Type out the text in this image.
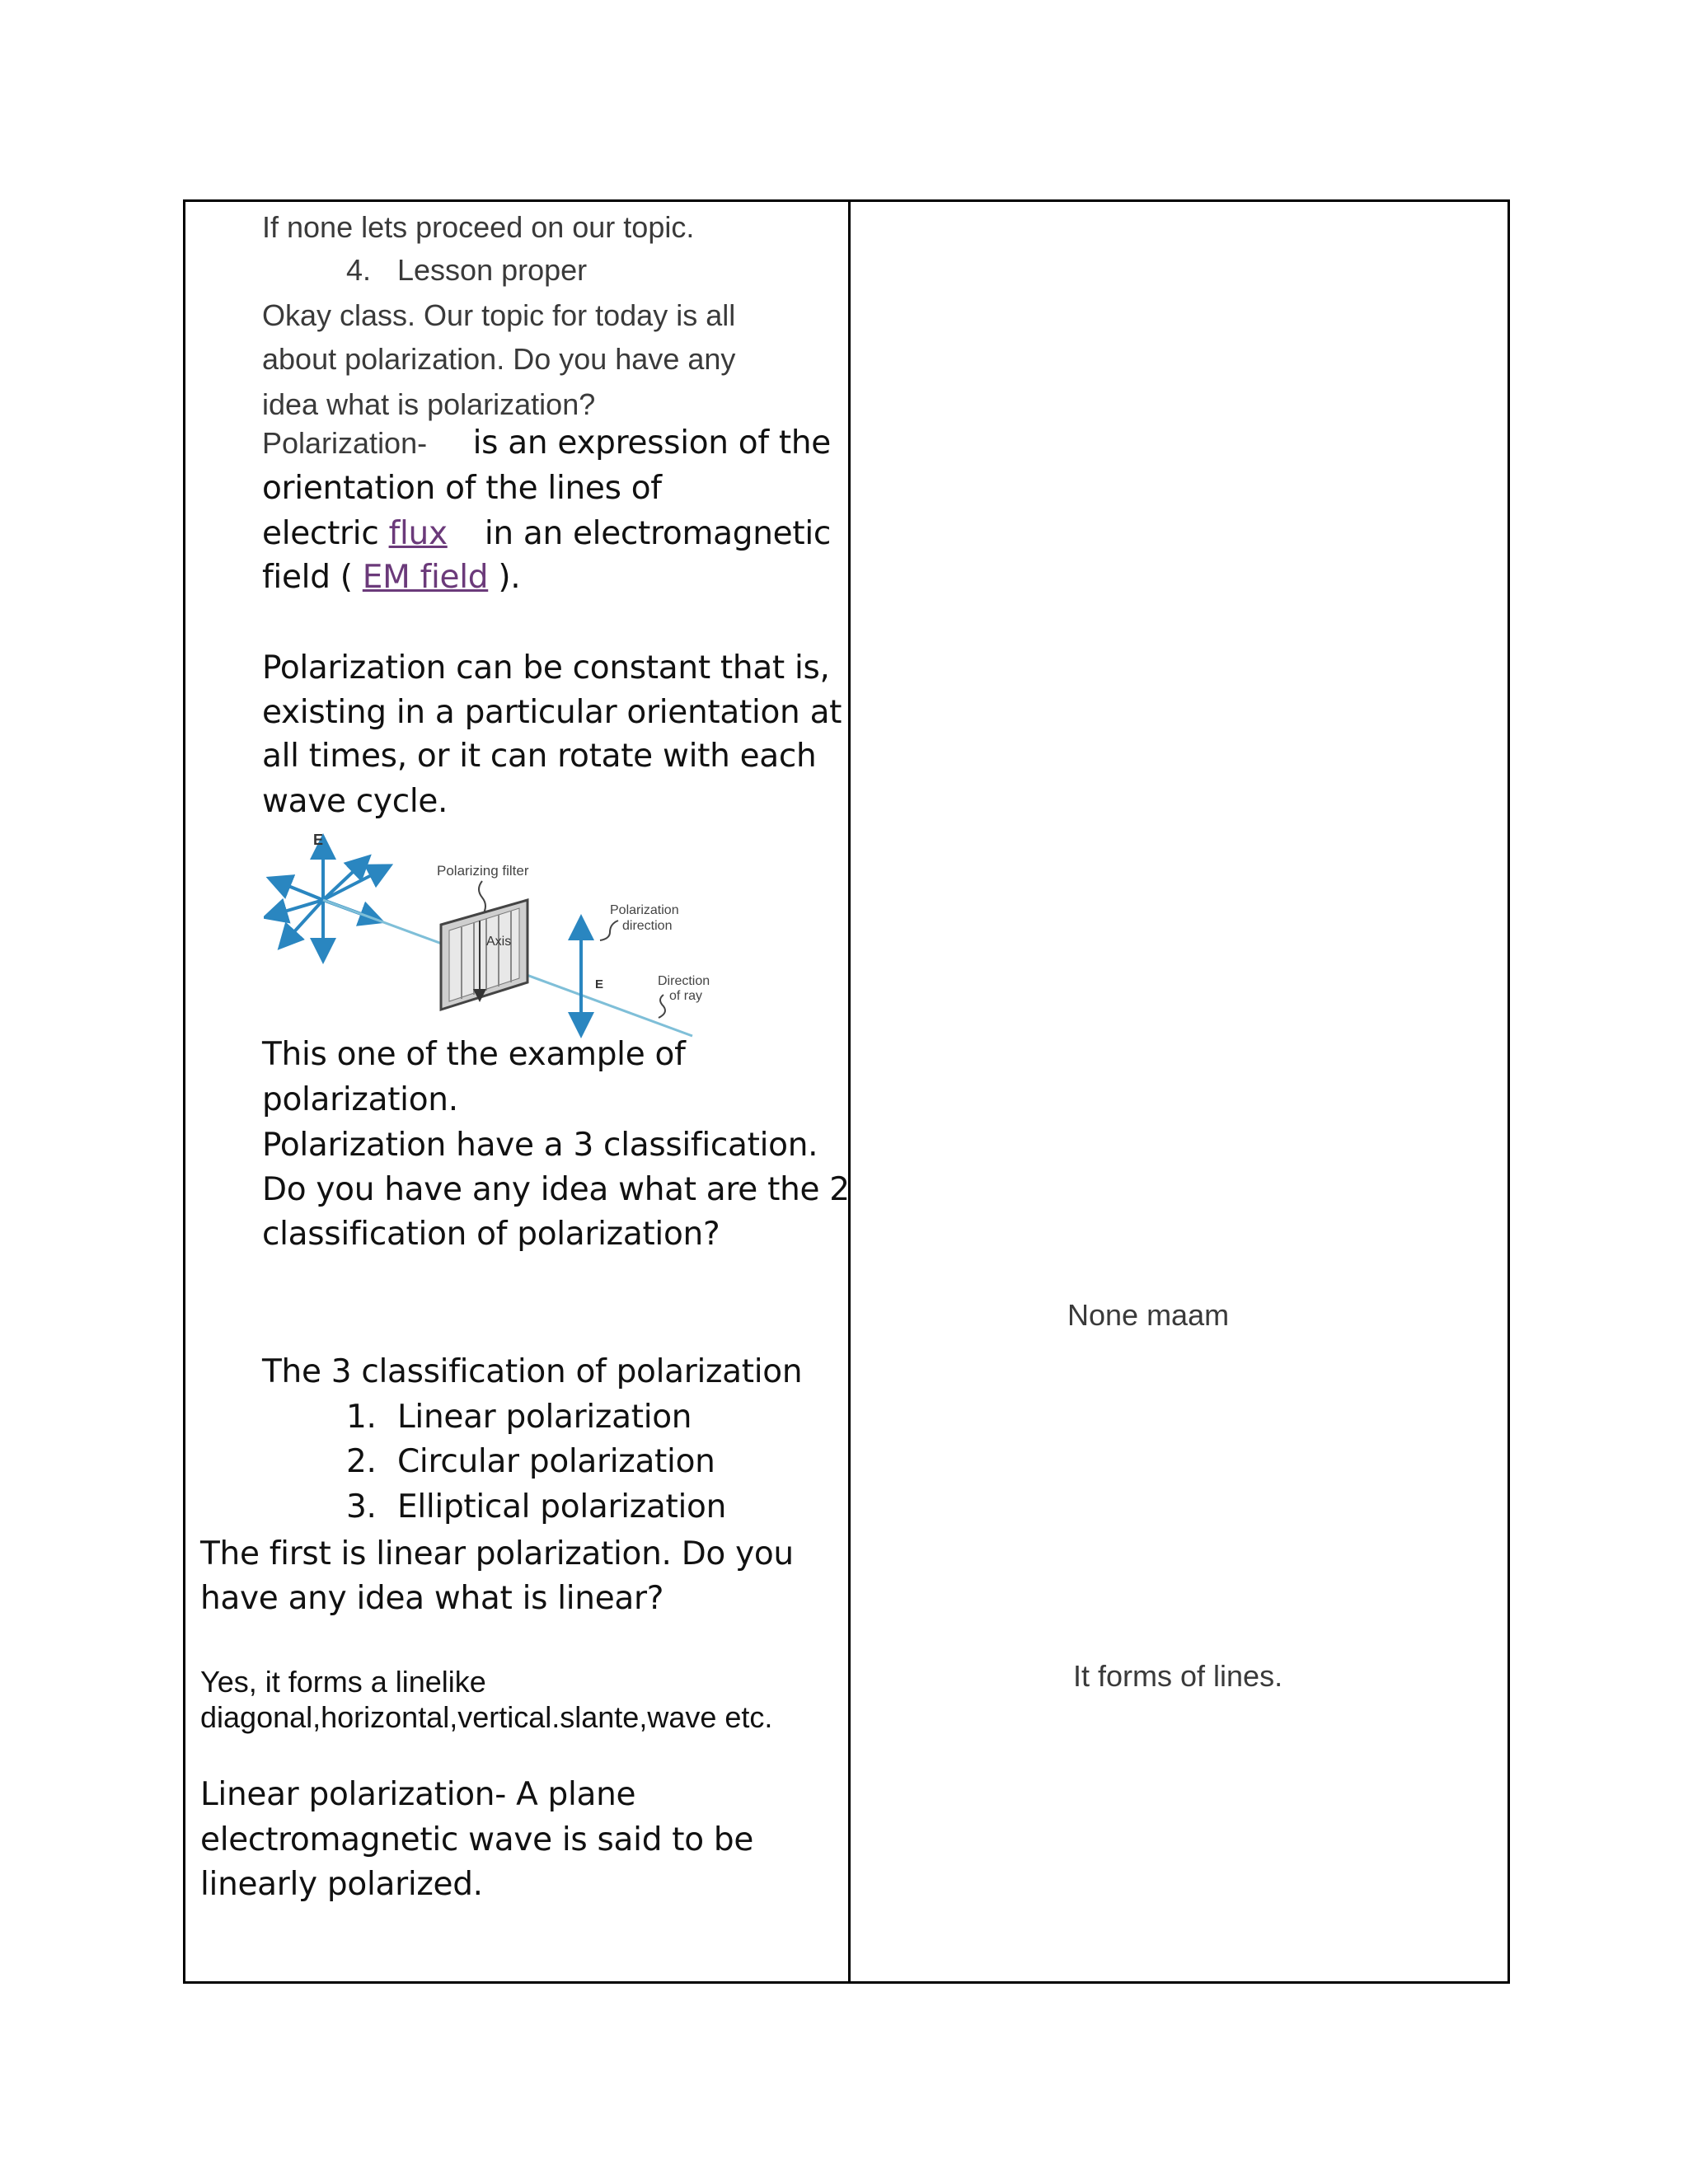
If none lets proceed on our topic.
4. Lesson proper
Okay class. Our topic for today is all
about polarization. Do you have any
idea what is polarization?
Polarization- is an expression of the
orientation of the lines of
electric flux in an electromagnetic
field ( EM field ).
Polarization can be constant that is,
existing in a particular orientation at
all times, or it can rotate with each
wave cycle.
E
Polarizing filter
Axis
E
Polarization
direction
Direction
of ray
This one of the example of
polarization.
Polarization have a 3 classification.
Do you have any idea what are the 2
classification of polarization?
The 3 classification of polarization
1. Linear polarization
2. Circular polarization
3. Elliptical polarization
The first is linear polarization. Do you
have any idea what is linear?
Yes, it forms a linelike
diagonal,horizontal,vertical.slante,wave etc.
Linear polarization- A plane
electromagnetic wave is said to be
linearly polarized.
None maam
It forms of lines.
